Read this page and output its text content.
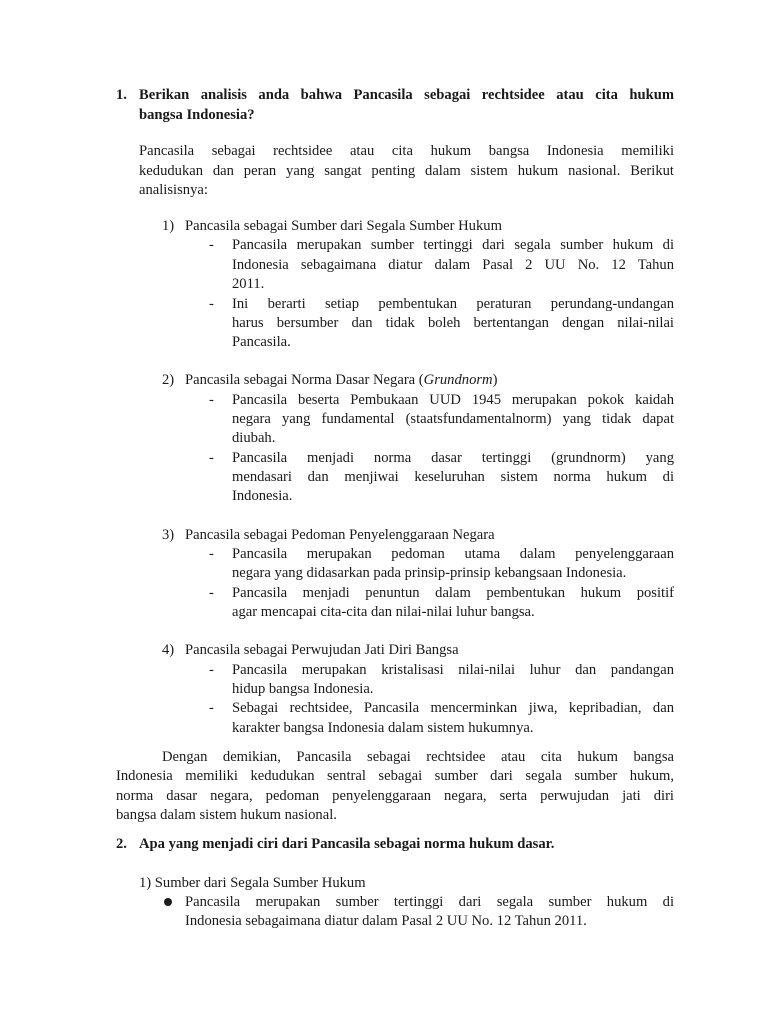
1. Berikan analisis anda bahwa Pancasila sebagai rechtsidee atau cita hukum
bangsa Indonesia?
Pancasila sebagai rechtsidee atau cita hukum bangsa Indonesia memiliki
kedudukan dan peran yang sangat penting dalam sistem hukum nasional. Berikut
analisisnya:
1) Pancasila sebagai Sumber dari Segala Sumber Hukum
-	Pancasila merupakan sumber tertinggi dari segala sumber hukum di
Indonesia sebagaimana diatur dalam Pasal 2 UU No. 12 Tahun
2011.
-	Ini berarti setiap pembentukan peraturan perundang-undangan
harus bersumber dan tidak boleh bertentangan dengan nilai-nilai
Pancasila.
2) Pancasila sebagai Norma Dasar Negara (Grundnorm)
-	Pancasila beserta Pembukaan UUD 1945 merupakan pokok kaidah
negara yang fundamental (staatsfundamentalnorm) yang tidak dapat
diubah.
-	Pancasila menjadi norma dasar tertinggi (grundnorm) yang
mendasari dan menjiwai keseluruhan sistem norma hukum di
Indonesia.
3) Pancasila sebagai Pedoman Penyelenggaraan Negara
-	Pancasila merupakan pedoman utama dalam penyelenggaraan
negara yang didasarkan pada prinsip-prinsip kebangsaan Indonesia.
-	Pancasila menjadi penuntun dalam pembentukan hukum positif
agar mencapai cita-cita dan nilai-nilai luhur bangsa.
4) Pancasila sebagai Perwujudan Jati Diri Bangsa
-	Pancasila merupakan kristalisasi nilai-nilai luhur dan pandangan
hidup bangsa Indonesia.
-	Sebagai rechtsidee, Pancasila mencerminkan jiwa, kepribadian, dan
karakter bangsa Indonesia dalam sistem hukumnya.
Dengan demikian, Pancasila sebagai rechtsidee atau cita hukum bangsa
Indonesia memiliki kedudukan sentral sebagai sumber dari segala sumber hukum,
norma dasar negara, pedoman penyelenggaraan negara, serta perwujudan jati diri
bangsa dalam sistem hukum nasional.
2. Apa yang menjadi ciri dari Pancasila sebagai norma hukum dasar.
1) Sumber dari Segala Sumber Hukum
Pancasila merupakan sumber tertinggi dari segala sumber hukum di
Indonesia sebagaimana diatur dalam Pasal 2 UU No. 12 Tahun 2011.
